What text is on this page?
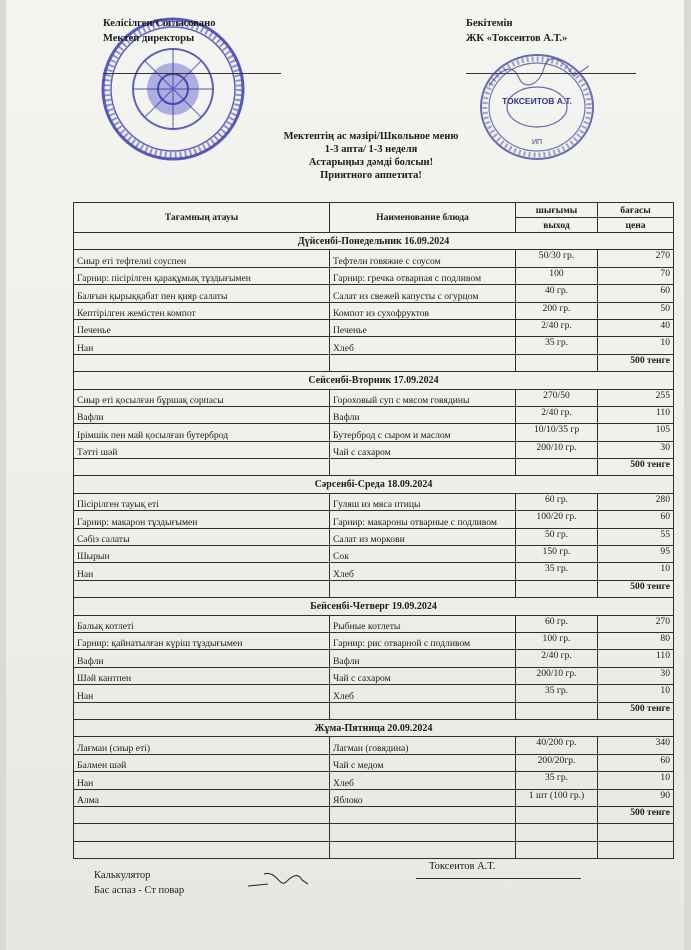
Келісілген/Согласовано
Мектеп директоры
Бекітемін
ЖК «Токсеитов А.Т.»
ТОКСЕИТОВ А.Т.
ИП
Мектептің ас мәзірі/Школьное меню
1-3 апта/ 1-3 неделя
Астарыңыз дәмді болсын!
Приятного аппетита!
Тағамның атауы	Наименование блюда	шығымы	бағасы
		выход	цена
Дүйсенбі-Понедельник 16.09.2024			
Сиыр еті тефтелиі соуспен	Тефтели говяжие с соусом	50/30 гр.	270
Гарнир: пісірілген қарақұмық тұздығымен	Гарнир: гречка отварная с подливом	100	70
Балғын қырыққабат пен қияр салаты	Салат из свежей капусты с огурцом	40 гр.	60
Кептірілген жемістен компот	Компот из сухофруктов	200 гр.	50
Печенье	Печенье	2/40 гр.	40
Нан	Хлеб	35 гр.	10
			500 тенге
Сейсенбі-Вторник 17.09.2024			
Сиыр еті қосылған бұршақ сорпасы	Гороховый суп с мясом говядины	270/50	255
Вафли	Вафли	2/40 гр.	110
Ірімшік пен май қосылған бутерброд	Бутерброд с сыром и маслом	10/10/35 гр	105
Тәтті шәй	Чай с сахаром	200/10 гр.	30
			500 тенге
Сәрсенбі-Среда 18.09.2024			
Пісірілген тауық еті	Гуляш из мяса птицы	60 гр.	280
Гарнир: макарон тұздығымен	Гарнир: макароны отварные с подливом	100/20 гр.	60
Сәбіз салаты	Салат из моркови	50 гр.	55
Шырын	Сок	150 гр.	95
Нан	Хлеб	35 гр.	10
			500 тенге
Бейсенбі-Четверг 19.09.2024			
Балық котлеті	Рыбные котлеты	60 гр.	270
Гарнир: қайнатылған күріш тұздығымен	Гарнир: рис отварной с подливом	100 гр.	80
Вафли	Вафли	2/40 гр.	110
Шәй кантпен	Чай с сахаром	200/10 гр.	30
Нан	Хлеб	35 гр.	10
			500 тенге
Жұма-Пятница 20.09.2024			
Лағман (сиыр еті)	Лагман (говядина)	40/200 гр.	340
Балмен шәй	Чай с медом	200/20гр.	60
Нан	Хлеб	35 гр.	10
Алма	Яблоко	1 шт (100 гр.)	90
			500 тенге

Калькулятор
Бас аспаз - Ст повар
Токсеитов А.Т.
